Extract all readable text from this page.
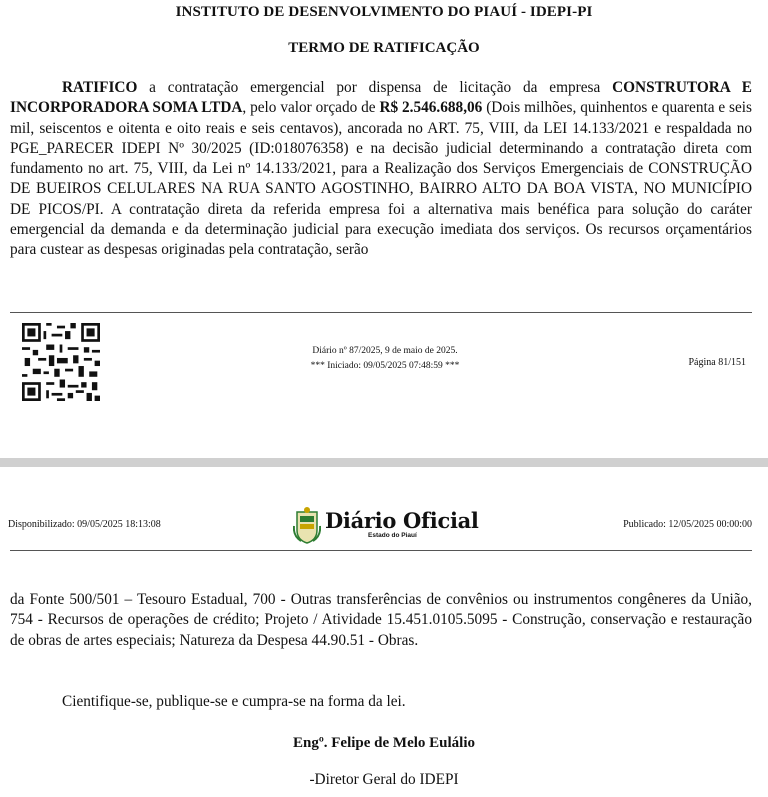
INSTITUTO DE DESENVOLVIMENTO DO PIAUÍ - IDEPI-PI
TERMO DE RATIFICAÇÃO
RATIFICO a contratação emergencial por dispensa de licitação da empresa CONSTRUTORA E INCORPORADORA SOMA LTDA, pelo valor orçado de R$ 2.546.688,06 (Dois milhões, quinhentos e quarenta e seis mil, seiscentos e oitenta e oito reais e seis centavos), ancorada no ART. 75, VIII, da LEI 14.133/2021 e respaldada no PGE_PARECER IDEPI Nº 30/2025 (ID:018076358) e na decisão judicial determinando a contratação direta com fundamento no art. 75, VIII, da Lei nº 14.133/2021, para a Realização dos Serviços Emergenciais de CONSTRUÇÃO DE BUEIROS CELULARES NA RUA SANTO AGOSTINHO, BAIRRO ALTO DA BOA VISTA, NO MUNICÍPIO DE PICOS/PI. A contratação direta da referida empresa foi a alternativa mais benéfica para solução do caráter emergencial da demanda e da determinação judicial para execução imediata dos serviços. Os recursos orçamentários para custear as despesas originadas pela contratação, serão
Diário nº 87/2025, 9 de maio de 2025.
*** Iniciado: 09/05/2025 07:48:59 ***	Página 81/151
Disponibilizado: 09/05/2025 18:13:08	Diário Oficial
Estado do Piauí
Publicado: 12/05/2025 00:00:00
da Fonte 500/501 – Tesouro Estadual, 700 - Outras transferências de convênios ou instrumentos congêneres da União, 754 - Recursos de operações de crédito; Projeto / Atividade 15.451.0105.5095 - Construção, conservação e restauração de obras de artes especiais; Natureza da Despesa 44.90.51 - Obras.
Cientifique-se, publique-se e cumpra-se na forma da lei.
Engº. Felipe de Melo Eulálio
-Diretor Geral do IDEPI
